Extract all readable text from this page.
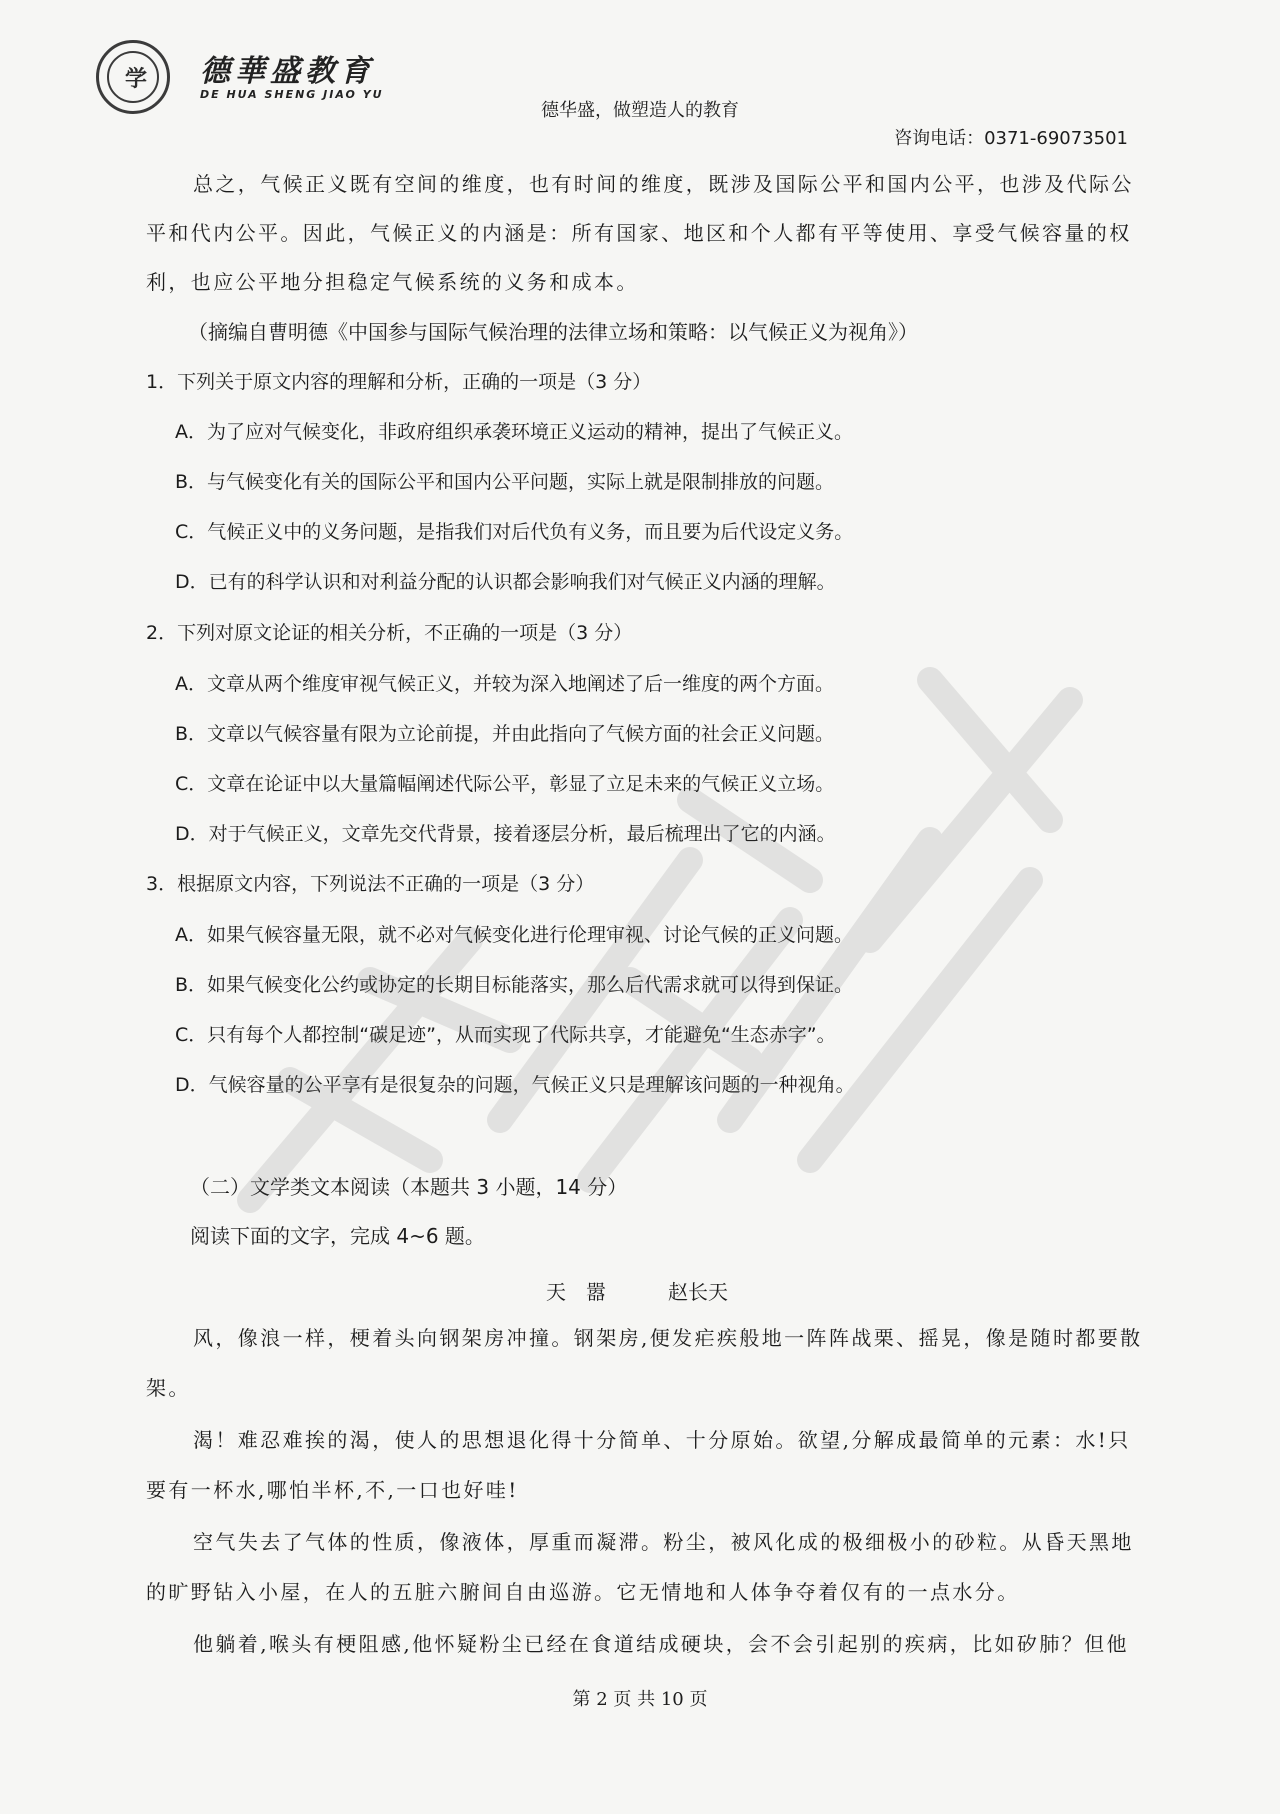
学	德華盛教育
DE HUA SHENG JIAO YU
德华盛，做塑造人的教育
咨询电话：0371-69073501
总之，气候正义既有空间的维度，也有时间的维度，既涉及国际公平和国内公平，也涉及代际公
平和代内公平。因此，气候正义的内涵是：所有国家、地区和个人都有平等使用、享受气候容量的权
利，也应公平地分担稳定气候系统的义务和成本。
（摘编自曹明德《中国参与国际气候治理的法律立场和策略：以气候正义为视角》）
1．下列关于原文内容的理解和分析，正确的一项是（3 分）
A．为了应对气候变化，非政府组织承袭环境正义运动的精神，提出了气候正义。
B．与气候变化有关的国际公平和国内公平问题，实际上就是限制排放的问题。
C．气候正义中的义务问题，是指我们对后代负有义务，而且要为后代设定义务。
D．已有的科学认识和对利益分配的认识都会影响我们对气候正义内涵的理解。
2．下列对原文论证的相关分析，不正确的一项是（3 分）
A．文章从两个维度审视气候正义，并较为深入地阐述了后一维度的两个方面。
B．文章以气候容量有限为立论前提，并由此指向了气候方面的社会正义问题。
C．文章在论证中以大量篇幅阐述代际公平，彰显了立足未来的气候正义立场。
D．对于气候正义，文章先交代背景，接着逐层分析，最后梳理出了它的内涵。
3．根据原文内容，下列说法不正确的一项是（3 分）
A．如果气候容量无限，就不必对气候变化进行伦理审视、讨论气候的正义问题。
B．如果气候变化公约或协定的长期目标能落实，那么后代需求就可以得到保证。
C．只有每个人都控制“碳足迹”，从而实现了代际共享，才能避免“生态赤字”。
D．气候容量的公平享有是很复杂的问题，气候正义只是理解该问题的一种视角。
（二）文学类文本阅读（本题共 3 小题，14 分）
阅读下面的文字，完成 4~6 题。
天　嚣	赵长天
风，像浪一样，梗着头向钢架房冲撞。钢架房,便发疟疾般地一阵阵战栗、摇晃，像是随时都要散
架。
渴！难忍难挨的渴，使人的思想退化得十分简单、十分原始。欲望,分解成最简单的元素：水!只
要有一杯水,哪怕半杯,不,一口也好哇!
空气失去了气体的性质，像液体，厚重而凝滞。粉尘，被风化成的极细极小的砂粒。从昏天黑地
的旷野钻入小屋，在人的五脏六腑间自由巡游。它无情地和人体争夺着仅有的一点水分。
他躺着,喉头有梗阻感,他怀疑粉尘已经在食道结成硬块，会不会引起别的疾病，比如矽肺？但他
第 2 页 共 10 页
